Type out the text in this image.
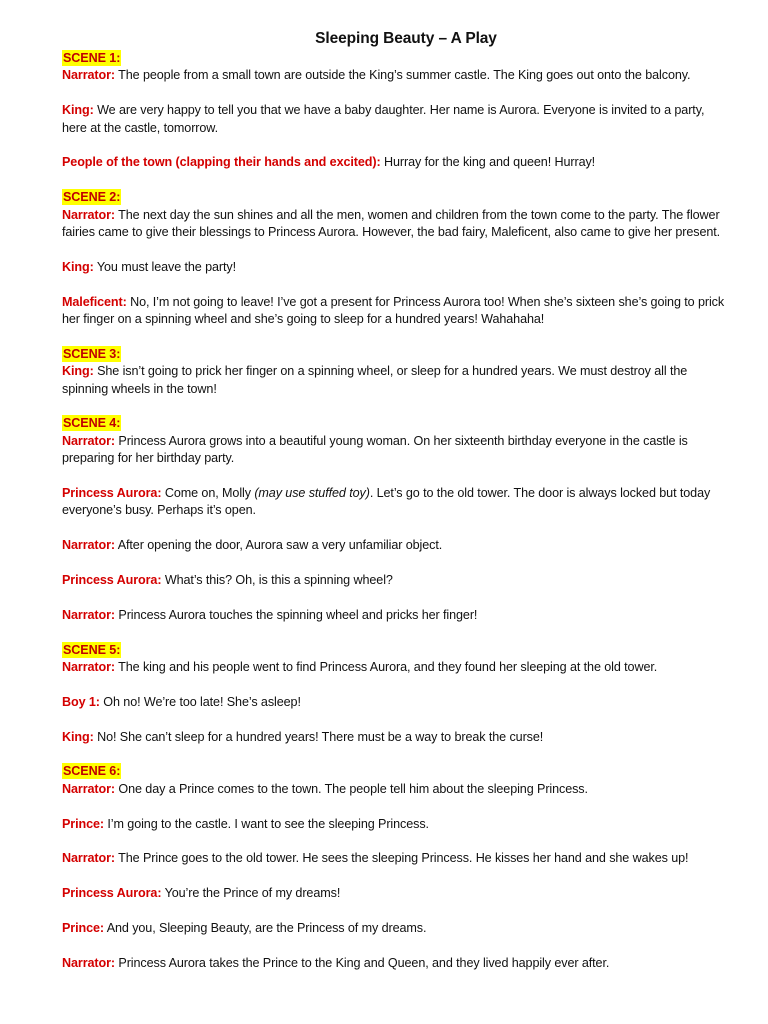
Sleeping Beauty – A Play

SCENE 1:

Narrator: The people from a small town are outside the King’s summer castle. The King goes out onto the balcony.

King: We are very happy to tell you that we have a baby daughter. Her name is Aurora. Everyone is invited to a party, here at the castle, tomorrow.

People of the town (clapping their hands and excited): Hurray for the king and queen! Hurray!

SCENE 2:

Narrator: The next day the sun shines and all the men, women and children from the town come to the party. The flower fairies came to give their blessings to Princess Aurora. However, the bad fairy, Maleficent, also came to give her present.

King: You must leave the party!

Maleficent: No, I’m not going to leave! I’ve got a present for Princess Aurora too! When she’s sixteen she’s going to prick her finger on a spinning wheel and she’s going to sleep for a hundred years! Wahahaha!

SCENE 3:

King: She isn’t going to prick her finger on a spinning wheel, or sleep for a hundred years. We must destroy all the spinning wheels in the town!

SCENE 4:

Narrator: Princess Aurora grows into a beautiful young woman. On her sixteenth birthday everyone in the castle is preparing for her birthday party.

Princess Aurora: Come on, Molly (may use stuffed toy). Let’s go to the old tower. The door is always locked but today everyone’s busy. Perhaps it’s open.

Narrator: After opening the door, Aurora saw a very unfamiliar object.

Princess Aurora: What’s this? Oh, is this a spinning wheel?

Narrator: Princess Aurora touches the spinning wheel and pricks her finger!

SCENE 5:

Narrator: The king and his people went to find Princess Aurora, and they found her sleeping at the old tower.

Boy 1: Oh no! We’re too late! She’s asleep!

King: No! She can’t sleep for a hundred years! There must be a way to break the curse!

SCENE 6:

Narrator: One day a Prince comes to the town. The people tell him about the sleeping Princess.

Prince: I’m going to the castle. I want to see the sleeping Princess.

Narrator: The Prince goes to the old tower. He sees the sleeping Princess. He kisses her hand and she wakes up!

Princess Aurora: You’re the Prince of my dreams!

Prince: And you, Sleeping Beauty, are the Princess of my dreams.

Narrator: Princess Aurora takes the Prince to the King and Queen, and they lived happily ever after.
